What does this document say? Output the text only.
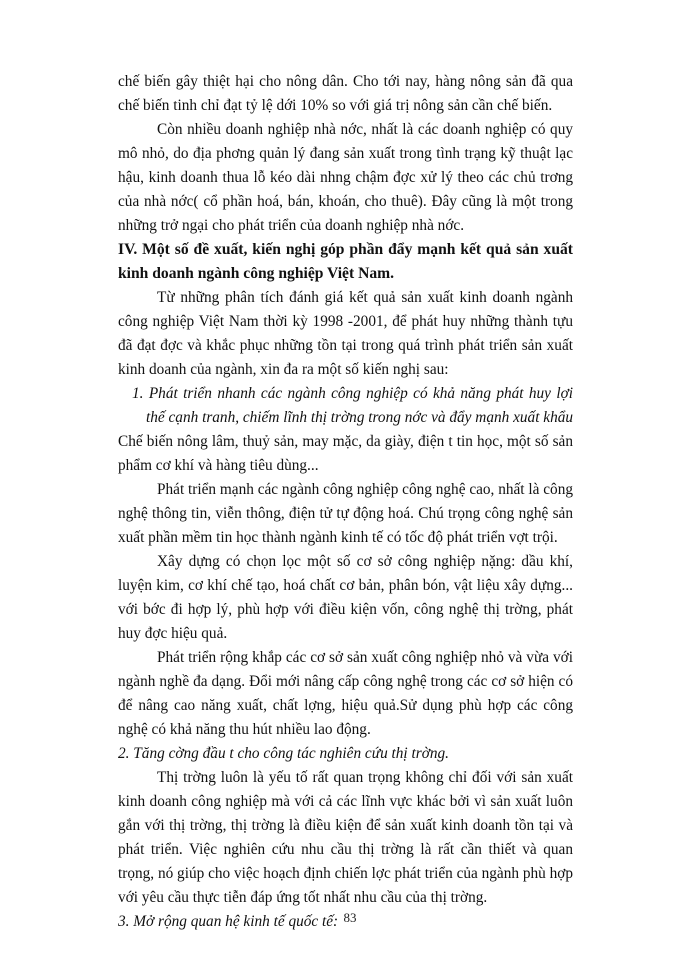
chế biến gây thiệt hại cho nông dân. Cho tới nay, hàng nông sản đã qua chế biến tinh chỉ đạt tỷ lệ dới 10% so với giá trị nông sản cần chế biến.

Còn nhiều doanh nghiệp nhà nớc, nhất là các doanh nghiệp có quy mô nhỏ, do địa phơng quản lý đang sản xuất trong tình trạng kỹ thuật lạc hậu, kinh doanh thua lỗ kéo dài nhng chậm đợc xử lý theo các chủ trơng của nhà nớc( cổ phần hoá, bán, khoán, cho thuê). Đây cũng là một trong những trở ngại cho phát triển của doanh nghiệp nhà nớc.

IV. Một số đề xuất, kiến nghị góp phần đẩy mạnh kết quả sản xuất kinh doanh ngành công nghiệp Việt Nam.

Từ những phân tích đánh giá kết quả sản xuất kinh doanh ngành công nghiệp Việt Nam thời kỳ 1998 -2001, để phát huy những thành tựu đã đạt đợc và khắc phục những tồn tại trong quá trình phát triển sản xuất kinh doanh của ngành, xin đa ra một số kiến nghị sau:

1. Phát triển nhanh các ngành công nghiệp có khả năng phát huy lợi thế cạnh tranh, chiếm lĩnh thị trờng trong nớc và đẩy mạnh xuất khẩu

Chế biến nông lâm, thuỷ sản, may mặc, da giày, điện t tin học, một số sản phẩm cơ khí và hàng tiêu dùng...

Phát triển mạnh các ngành công nghiệp công nghệ cao, nhất là công nghệ thông tin, viễn thông, điện tử tự động hoá. Chú trọng công nghệ sản xuất phần mềm tin học thành ngành kinh tế có tốc độ phát triển vợt trội.

Xây dựng có chọn lọc một số cơ sở công nghiệp nặng: dầu khí, luyện kim, cơ khí chế tạo, hoá chất cơ bản, phân bón, vật liệu xây dựng... với bớc đi hợp lý, phù hợp với điều kiện vốn, công nghệ thị trờng, phát huy đợc hiệu quả.

Phát triển rộng khắp các cơ sở sản xuất công nghiệp nhỏ và vừa với ngành nghề đa dạng. Đổi mới nâng cấp công nghệ trong các cơ sở hiện có để nâng cao năng xuất, chất lợng, hiệu quả.Sử dụng phù hợp các công nghệ có khả năng thu hút nhiều lao động.

2. Tăng cờng đầu t cho công tác nghiên cứu thị trờng.

Thị trờng luôn là yếu tố rất quan trọng không chỉ đối với sản xuất kinh doanh công nghiệp mà với cả các lĩnh vực khác bởi vì sản xuất luôn gắn với thị trờng, thị trờng là điều kiện để sản xuất kinh doanh tồn tại và phát triển. Việc nghiên cứu nhu cầu thị trờng là rất cần thiết và quan trọng, nó giúp cho việc hoạch định chiến lợc phát triển của ngành phù hợp với yêu cầu thực tiễn đáp ứng tốt nhất nhu cầu của thị trờng.

3. Mở rộng quan hệ kinh tế quốc tế: 83
